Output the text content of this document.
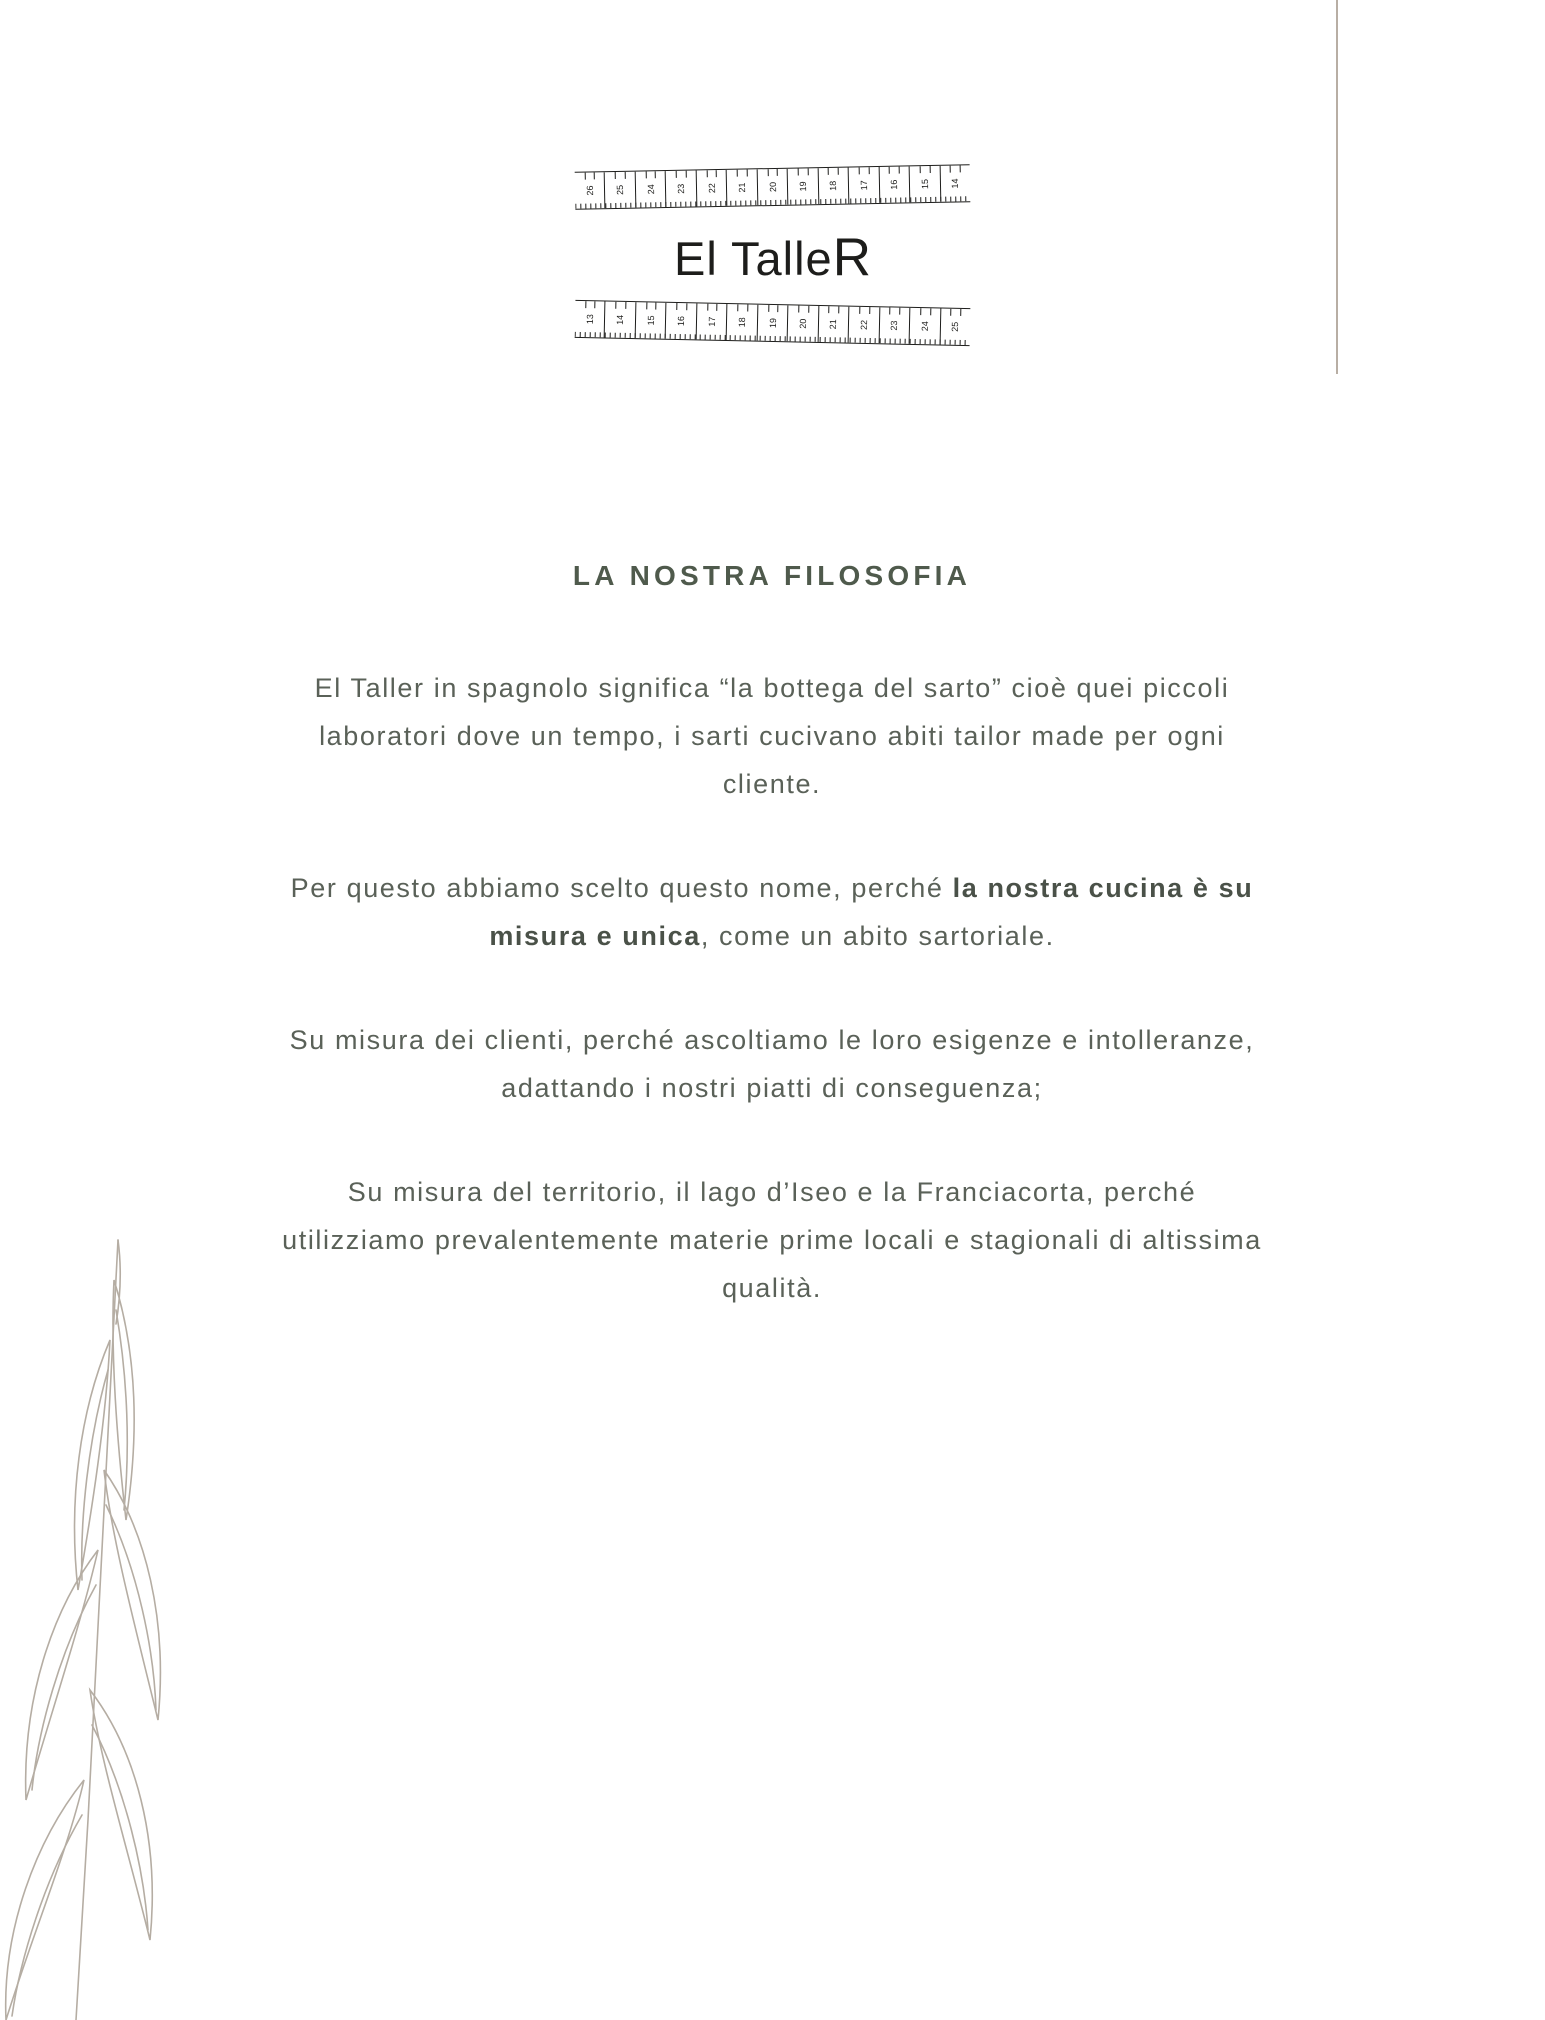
26 25 24 23 22 21 20 19 18 17 16 15 14
El TalleR
13 14 15 16 17 18 19 20 21 22 23 24 25
LA NOSTRA FILOSOFIA

El Taller in spagnolo significa “la bottega del sarto” cioè quei piccoli laboratori dove un tempo, i sarti cucivano abiti tailor made per ogni cliente.

Per questo abbiamo scelto questo nome, perché la nostra cucina è su misura e unica, come un abito sartoriale.

Su misura dei clienti, perché ascoltiamo le loro esigenze e intolleranze, adattando i nostri piatti di conseguenza;

Su misura del territorio, il lago d’Iseo e la Franciacorta, perché utilizziamo prevalentemente materie prime locali e stagionali di altissima qualità.
